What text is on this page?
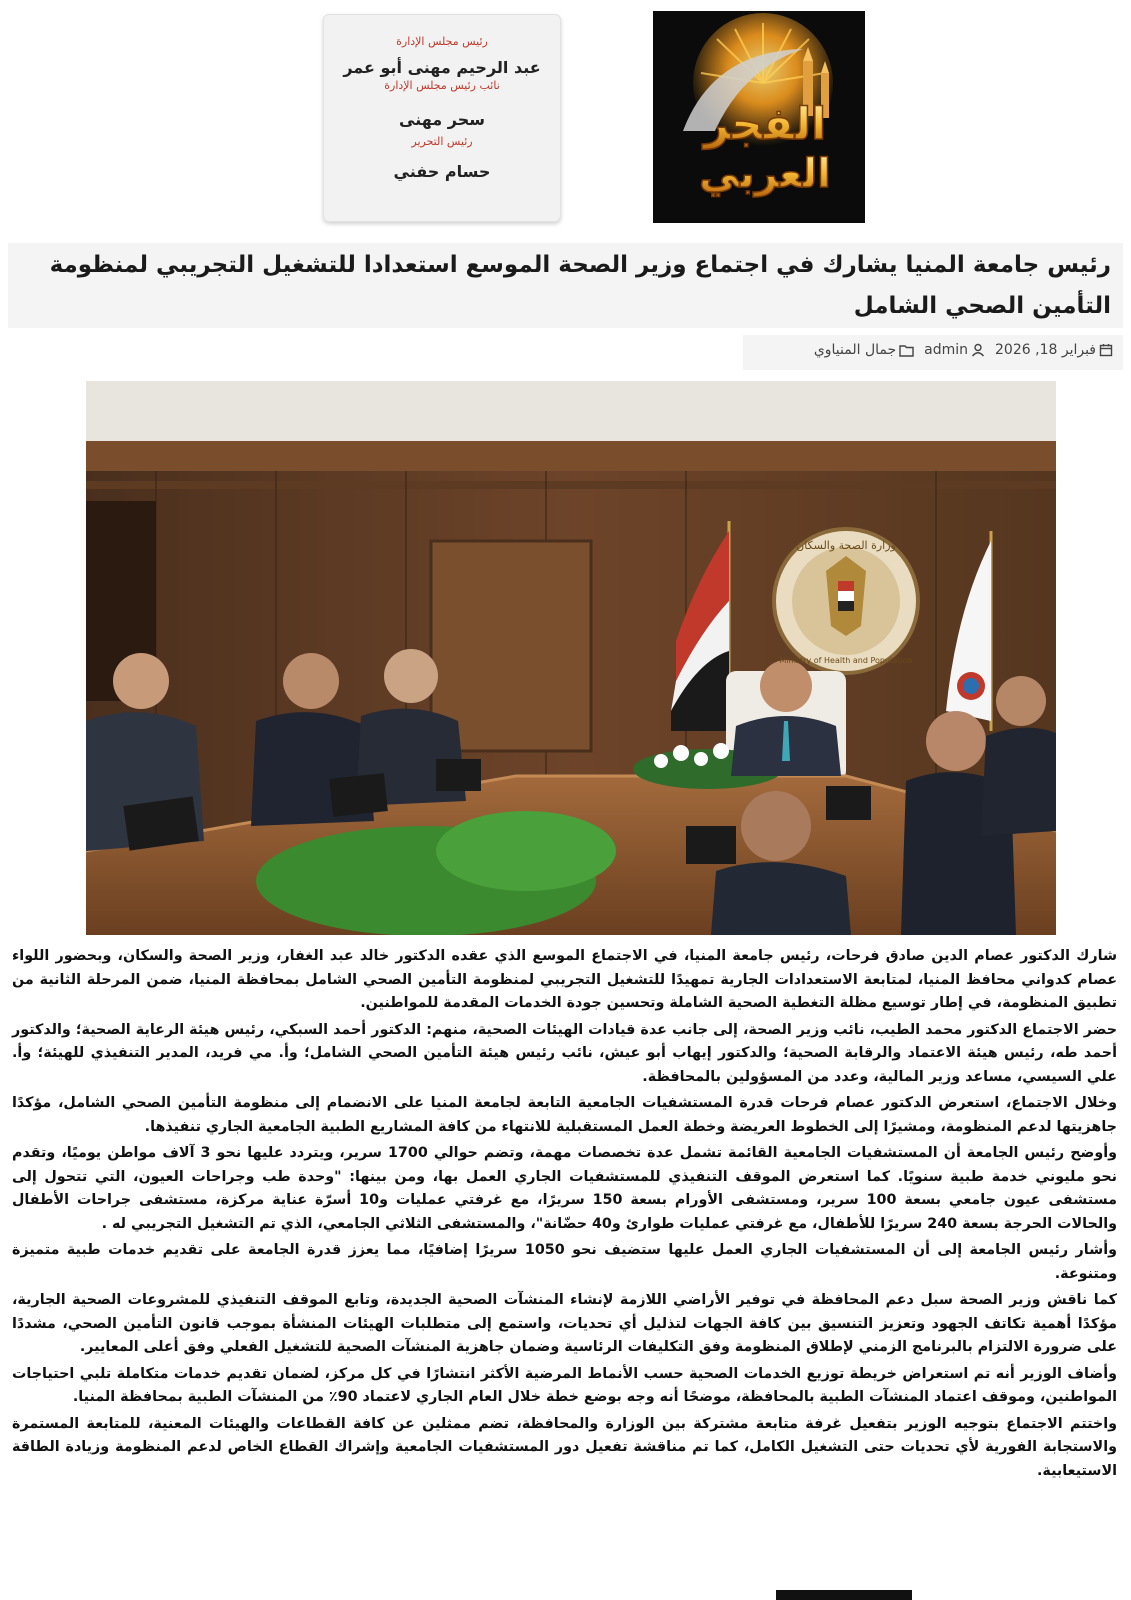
رئيس مجلس الإدارة
عبد الرحيم مهنى أبو عمر
نائب رئيس مجلس الإدارة
سحر مهنى
رئيس التحرير
حسام حفني
الفجر
العربي
رئيس جامعة المنيا يشارك في اجتماع وزير الصحة الموسع استعدادا للتشغيل التجريبي لمنظومة التأمين الصحي الشامل
فبراير 18, 2026
admin
جمال المنياوي
وزارة الصحة والسكان
Ministry of Health and Population

شارك الدكتور عصام الدين صادق فرحات، رئيس جامعة المنيا، في الاجتماع الموسع الذي عقده الدكتور خالد عبد الغفار، وزير الصحة والسكان، وبحضور اللواء عصام كدواني محافظ المنيا، لمتابعة الاستعدادات الجارية تمهيدًا للتشغيل التجريبي لمنظومة التأمين الصحي الشامل بمحافظة المنيا، ضمن المرحلة الثانية من تطبيق المنظومة، في إطار توسيع مظلة التغطية الصحية الشاملة وتحسين جودة الخدمات المقدمة للمواطنين.

حضر الاجتماع الدكتور محمد الطيب، نائب وزير الصحة، إلى جانب عدة قيادات الهيئات الصحية، منهم: الدكتور أحمد السبكي، رئيس هيئة الرعاية الصحية؛ والدكتور أحمد طه، رئيس هيئة الاعتماد والرقابة الصحية؛ والدكتور إيهاب أبو عيش، نائب رئيس هيئة التأمين الصحي الشامل؛ وأ. مي فريد، المدير التنفيذي للهيئة؛ وأ. علي السيسي، مساعد وزير المالية، وعدد من المسؤولين بالمحافظة.

وخلال الاجتماع، استعرض الدكتور عصام فرحات قدرة المستشفيات الجامعية التابعة لجامعة المنيا على الانضمام إلى منظومة التأمين الصحي الشامل، مؤكدًا جاهزيتها لدعم المنظومة، ومشيرًا إلى الخطوط العريضة وخطة العمل المستقبلية للانتهاء من كافة المشاريع الطبية الجامعية الجاري تنفيذها.

وأوضح رئيس الجامعة أن المستشفيات الجامعية القائمة تشمل عدة تخصصات مهمة، وتضم حوالي 1700 سرير، ويتردد عليها نحو 3 آلاف مواطن يوميًا، وتقدم نحو مليوني خدمة طبية سنويًا. كما استعرض الموقف التنفيذي للمستشفيات الجاري العمل بها، ومن بينها: "وحدة طب وجراحات العيون، التي تتحول إلى مستشفى عيون جامعي بسعة 100 سرير، ومستشفى الأورام بسعة 150 سريرًا، مع غرفتي عمليات و10 أسرّة عناية مركزة، مستشفى جراحات الأطفال والحالات الحرجة بسعة 240 سريرًا للأطفال، مع غرفتي عمليات طوارئ و40 حضّانة"، والمستشفى الثلاثي الجامعي، الذي تم التشغيل التجريبي له .

وأشار رئيس الجامعة إلى أن المستشفيات الجاري العمل عليها ستضيف نحو 1050 سريرًا إضافيًا، مما يعزز قدرة الجامعة على تقديم خدمات طبية متميزة ومتنوعة.

كما ناقش وزير الصحة سبل دعم المحافظة في توفير الأراضي اللازمة لإنشاء المنشآت الصحية الجديدة، وتابع الموقف التنفيذي للمشروعات الصحية الجارية، مؤكدًا أهمية تكاتف الجهود وتعزيز التنسيق بين كافة الجهات لتذليل أي تحديات، واستمع إلى متطلبات الهيئات المنشأة بموجب قانون التأمين الصحي، مشددًا على ضرورة الالتزام بالبرنامج الزمني لإطلاق المنظومة وفق التكليفات الرئاسية وضمان جاهزية المنشآت الصحية للتشغيل الفعلي وفق أعلى المعايير.

وأضاف الوزير أنه تم استعراض خريطة توزيع الخدمات الصحية حسب الأنماط المرضية الأكثر انتشارًا في كل مركز، لضمان تقديم خدمات متكاملة تلبي احتياجات المواطنين، وموقف اعتماد المنشآت الطبية بالمحافظة، موضحًا أنه وجه بوضع خطة خلال العام الجاري لاعتماد 90٪ من المنشآت الطبية بمحافظة المنيا.

واختتم الاجتماع بتوجيه الوزير بتفعيل غرفة متابعة مشتركة بين الوزارة والمحافظة، تضم ممثلين عن كافة القطاعات والهيئات المعنية، للمتابعة المستمرة والاستجابة الفورية لأي تحديات حتى التشغيل الكامل، كما تم مناقشة تفعيل دور المستشفيات الجامعية وإشراك القطاع الخاص لدعم المنظومة وزيادة الطاقة الاستيعابية.
